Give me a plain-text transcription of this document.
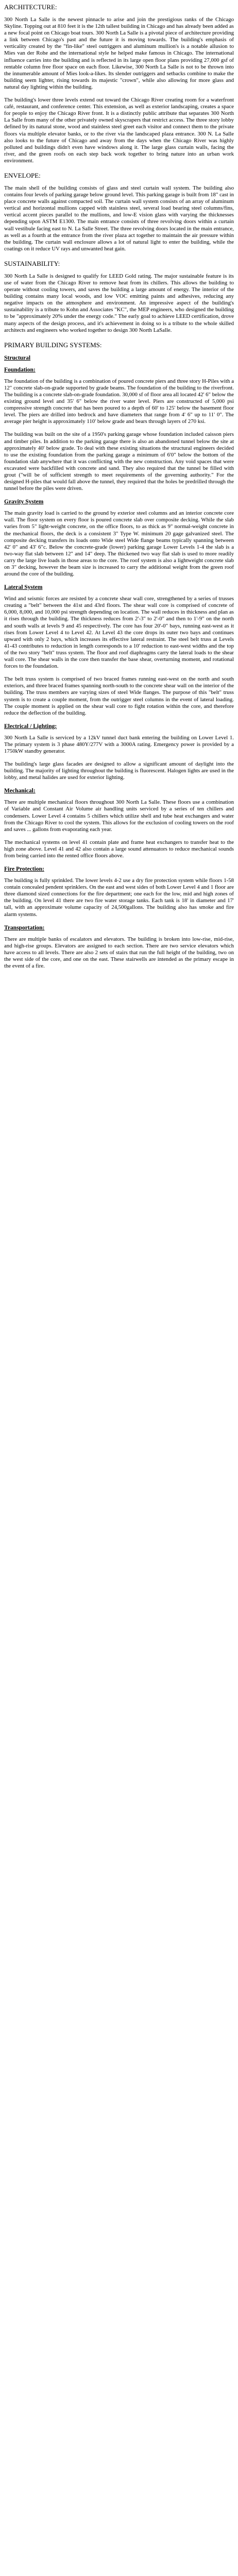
ARCHITECTURE:

300 North La Salle is the newest pinnacle to arise and join the prestigious ranks of the Chicago Skyline. Topping out at 810 feet it is the 12th tallest building in Chicago and has already been added as a new focal point on Chicago boat tours. 300 North La Salle is a pivotal piece of architecture providing a link between Chicago's past and the future it is moving towards. The building's emphasis of verticality created by the "fin-like" steel outriggers and aluminum mullion's is a notable allusion to Mies van der Rohe and the international style he helped make famous in Chicago. The international influence carries into the building and is reflected in its large open floor plans providing 27,000 gsf of rentable column free floor space on each floor. Likewise, 300 North La Salle is not to be thrown into the innumerable amount of Mies look-a-likes. Its slender outriggers and setbacks combine to make the building seem lighter, rising towards its majestic "crown", while also allowing for more glass and natural day lighting within the building.

The building's lower three levels extend out toward the Chicago River creating room for a waterfront café, restaurant, and conference center. This extension, as well as exterior landscaping, creates a space for people to enjoy the Chicago River front. It is a distinctly public attribute that separates 300 North La Salle from many of the other privately owned skyscrapers that restrict access. The three story lobby defined by its natural stone, wood and stainless steel greet each visitor and connect them to the private floors via multiple elevator banks, or to the river via the landscaped plaza entrance. 300 N. La Salle also looks to the future of Chicago and away from the days when the Chicago River was highly polluted and buildings didn't even have windows along it. The large glass curtain walls, facing the river, and the green roofs on each step back work together to bring nature into an urban work environment.

ENVELOPE:

The main shell of the building consists of glass and steel curtain wall system. The building also contains four levels of parking garage below ground level. This parking garage is built from 18" cast in place concrete walls against compacted soil. The curtain wall system consists of an array of aluminum vertical and horizontal mullions capped with stainless steel, several load bearing steel columns/fins, vertical accent pieces parallel to the mullions, and low-E vision glass with varying the thicknesses depending upon ASTM E1300. The main entrance consists of three revolving doors within a curtain wall vestibule facing east to N. La Salle Street. The three revolving doors located in the main entrance, as well as a fourth at the entrance from the river plaza act together to maintain the air pressure within the building. The curtain wall enclosure allows a lot of natural light to enter the building, while the coatings on it reduce UV rays and unwanted heat gain.

SUSTAINABILITY:

300 North La Salle is designed to qualify for LEED Gold rating. The major sustainable feature is its use of water from the Chicago River to remove heat from its chillers. This allows the building to operate without cooling towers, and saves the building a large amount of energy. The interior of the building contains many local woods, and low VOC emitting paints and adhesives, reducing any negative impacts on the atmosphere and environment. An impressive aspect of the building's sustainability is a tribute to Kohn and Associates "KC", the MEP engineers, who designed the building to be "approximately 20% under the energy code." The early goal to achieve LEED certification, drove many aspects of the design process, and it's achievement in doing so is a tribute to the whole skilled architects and engineers who worked together to design 300 North LaSalle.

PRIMARY BUILDING SYSTEMS:
Structural
Foundation:

The foundation of the building is a combination of poured concrete piers and three story H-Piles with a 12" concrete slab-on-grade supported by grade beams. The foundation of the building to the riverfront. The building is a concrete slab-on-grade foundation. 30,000 sf of floor area all located 42' 6" below the existing ground level and 35' 6" below the river water level. Piers are constructed of 5,000 psi compressive strength concrete that has been poured to a depth of 60' to 125' below the basement floor level. The piers are drilled into bedrock and have diameters that range from 4' 6" up to 11' 0". The average pier height is approximately 110' below grade and bears through layers of 270 ksi.

The building was built on the site of a 1950's parking garage whose foundation included caisson piers and timber piles. In addition to the parking garage there is also an abandoned tunnel below the site at approximately 40' below grade. To deal with these existing situations the structural engineers decided to use the existing foundation from the parking garage a minimum of 6'0" below the bottom of the foundation slab anywhere that it was conflicting with the new construction. Any void spaces that were excavated were backfilled with concrete and sand. They also required that the tunnel be filled with grout ("will be of sufficient strength to meet requirements of the governing authority." For the designed H-piles that would fall above the tunnel, they required that the holes be predrilled through the tunnel before the piles were driven.

Gravity System

The main gravity load is carried to the ground by exterior steel columns and an interior concrete core wall. The floor system on every floor is poured concrete slab over composite decking. While the slab varies from 5" light-weight concrete, on the office floors, to as thick as 9" normal-weight concrete in the mechanical floors, the deck is a consistent 3" Type W. minimum 20 gage galvanized steel. The composite decking transfers its loads onto Wide steel Wide flange beams typically spanning between 42' 0" and 43' 6"c. Below the concrete-grade (lower) parking garage Lower Levels 1-4 the slab is a two-way flat slab between 12" and 14" deep. The thickened two way flat slab is used to more readily carry the large live loads in those areas to the core. The roof system is also a lightweight concrete slab on 3" decking, however the beam size is increased to carry the additional weight from the green roof around the core of the building.

Lateral System

Wind and seismic forces are resisted by a concrete shear wall core, strengthened by a series of trusses creating a "belt" between the 41st and 43rd floors. The shear wall core is comprised of concrete of 6,000, 8,000, and 10,000 psi strength depending on location. The wall reduces in thickness and plan as it rises through the building. The thickness reduces from 2'-3" to 2'-0" and then to 1'-9" on the north and south walls at levels 9 and 45 respectively. The core has four 20'-0" bays, running east-west as it rises from Lower Level 4 to Level 42. At Level 43 the core drops its outer two bays and continues upward with only 2 bays, which increases its effective lateral restraint. The steel belt truss at Levels 41-43 contributes to reduction in length corresponds to a 10' reduction to east-west widths and the top of the two story "belt" truss system. The floor and roof diaphragms carry the lateral loads to the shear wall core. The shear walls in the core then transfer the base shear, overturning moment, and rotational forces to the foundation.

The belt truss system is comprised of two braced frames running east-west on the north and south exteriors, and three braced frames spanning north-south to the concrete shear wall on the interior of the building. The truss members are varying sizes of steel Wide flanges. The purpose of this "belt" truss system is to create a couple moment, from the outrigger steel columns in the event of lateral loading. The couple moment is applied on the shear wall core to fight rotation within the core, and therefore reduce the deflection of the building.

Electrical / Lighting:

300 North La Salle is serviced by a 12kV tunnel duct bank entering the building on Lower Level 1. The primary system is 3 phase 480Y/277V with a 3000A rating. Emergency power is provided by a 1750kW standby generator.

The building's large glass facades are designed to allow a significant amount of daylight into the building. The majority of lighting throughout the building is fluorescent. Halogen lights are used in the lobby, and metal halides are used for exterior lighting.

Mechanical:

There are multiple mechanical floors throughout 300 North La Salle. These floors use a combination of Variable and Constant Air Volume air handling units serviced by a series of ten chillers and condensers. Lower Level 4 contains 5 chillers which utilize shell and tube heat exchangers and water from the Chicago River to cool the system. This allows for the exclusion of cooling towers on the roof and saves ... gallons from evaporating each year.

The mechanical systems on level 41 contain plate and frame heat exchangers to transfer heat to the high zone above. Level 41 and 42 also contain a large sound attenuators to reduce mechanical sounds from being carried into the rented office floors above.

Fire Protection:

The building is fully sprinkled. The lower levels 4-2 use a dry fire protection system while floors 1-58 contain concealed pendent sprinklers. On the east and west sides of both Lower Level 4 and 1 floor are three diamond sized connections for the fire department; one each for the low, mid and high zones of the building. On level 41 there are two fire water storage tanks. Each tank is 18' in diameter and 17' tall, with an approximate volume capacity of 24,500gallons. The building also has smoke and fire alarm systems.

Transportation:

There are multiple banks of escalators and elevators. The building is broken into low-rise, mid-rise, and high-rise groups. Elevators are assigned to each section. There are two service elevators which have access to all levels. There are also 2 sets of stairs that run the full height of the building, two on the west side of the core, and one on the east. These stairwells are intended as the primary escape in the event of a fire.
